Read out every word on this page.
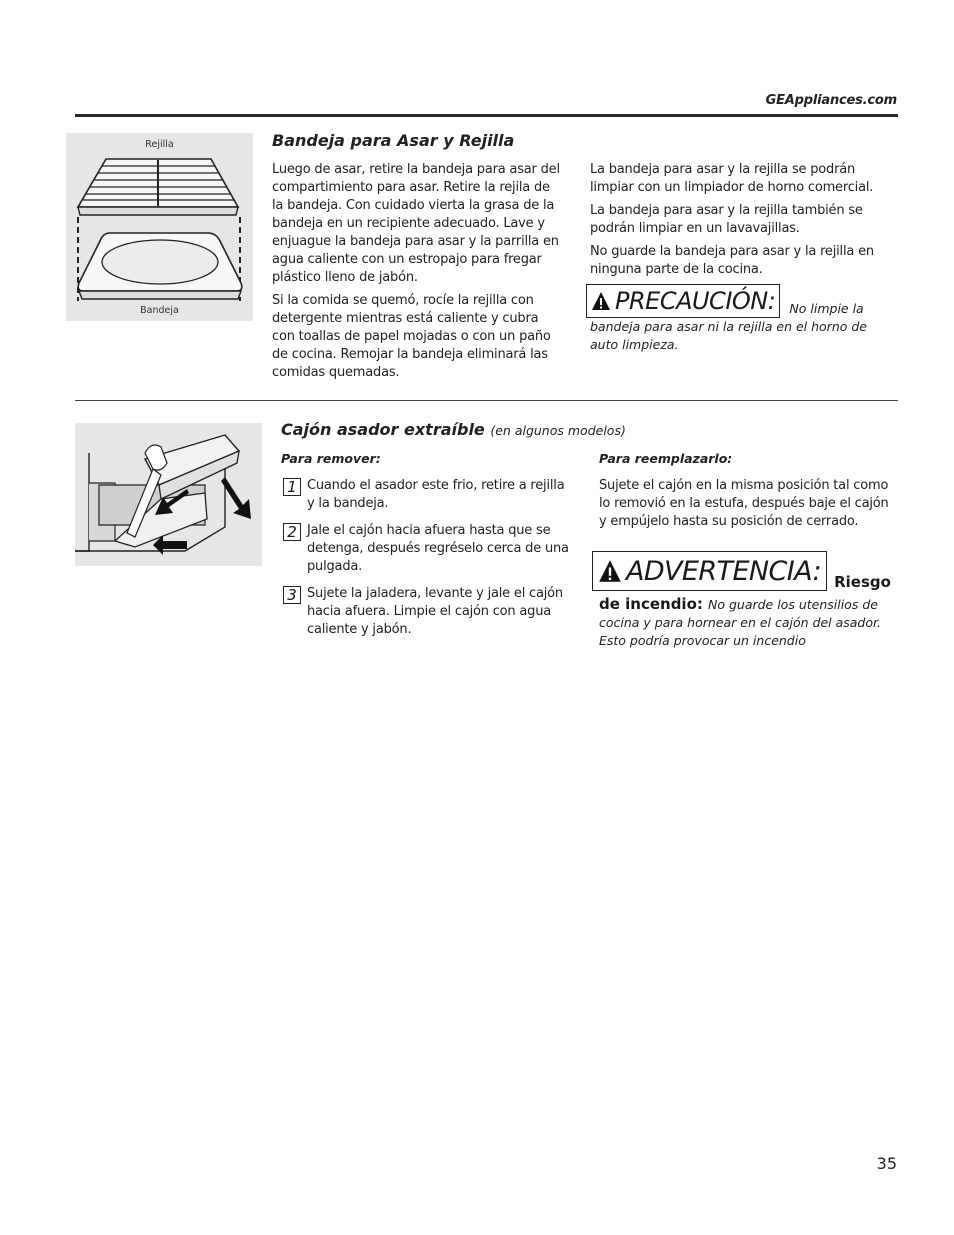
GEAppliances.com
Rejilla
Bandeja
Bandeja para Asar y Rejilla

Luego de asar, retire la bandeja para asar del compartimiento para asar. Retire la rejila de la bandeja. Con cuidado vierta la grasa de la bandeja en un recipiente adecuado. Lave y enjuague la bandeja para asar y la parrilla en agua caliente con un estropajo para fregar plástico lleno de jabón.

Si la comida se quemó, rocíe la rejilla con detergente mientras está caliente y cubra con toallas de papel mojadas o con un paño de cocina. Remojar la bandeja eliminará las comidas quemadas.

La bandeja para asar y la rejilla se podrán limpiar con un limpiador de horno comercial.

La bandeja para asar y la rejilla también se podrán limpiar en un lavavajillas.

No guarde la bandeja para asar y la rejilla en ninguna parte de la cocina.

PRECAUCIÓN: No limpie la
bandeja para asar ni la rejilla en el horno de auto limpieza.
Cajón asador extraíble (en algunos modelos)
Para remover:
1 Cuando el asador este frio, retire a rejilla y la bandeja.
2 Jale el cajón hacia afuera hasta que se detenga, después regréselo cerca de una pulgada.
3 Sujete la jaladera, levante y jale el cajón hacia afuera. Limpie el cajón con agua caliente y jabón.
Para reemplazarlo:
Sujete el cajón en la misma posición tal como lo removió en la estufa, después baje el cajón y empújelo hasta su posición de cerrado.
ADVERTENCIA: Riesgo
de incendio: No guarde los utensilios de
cocina y para hornear en el cajón del asador. Esto podría provocar un incendio
35
